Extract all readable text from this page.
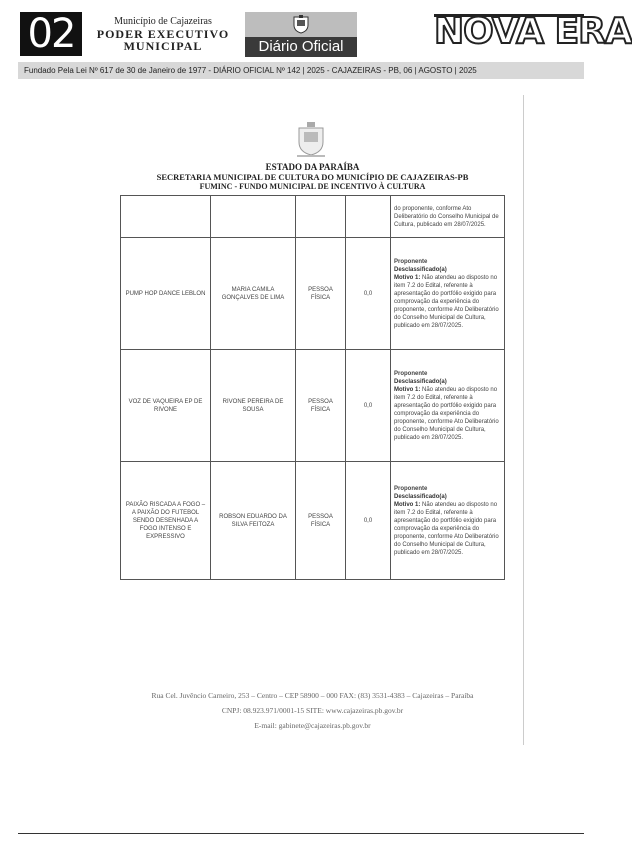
02	Município de Cajazeiras
PODER EXECUTIVO
MUNICIPAL	Diário Oficial	NOVA ERA
Fundado Pela Lei Nº 617 de 30 de Janeiro de 1977 - DIÁRIO OFICIAL Nº 142 | 2025 - CAJAZEIRAS - PB, 06 | AGOSTO | 2025
ESTADO DA PARAÍBA
SECRETARIA MUNICIPAL DE CULTURA DO MUNICÍPIO DE CAJAZEIRAS-PB
FUMINC - FUNDO MUNICIPAL DE INCENTIVO À CULTURA
				do proponente, conforme Ato Deliberatório do Conselho Municipal de Cultura, publicado em 28/07/2025.
PUMP HOP DANCE LEBLON	MARIA CAMILA GONÇALVES DE LIMA	PESSOA FÍSICA	0,0	Proponente
Desclassificado(a)
Motivo 1: Não atendeu ao disposto no item 7.2 do Edital, referente à apresentação do portfólio exigido para comprovação da experiência do proponente, conforme Ato Deliberatório do Conselho Municipal de Cultura, publicado em 28/07/2025.
VOZ DE VAQUEIRA EP DE RIVONE	RIVONE PEREIRA DE SOUSA	PESSOA FÍSICA	0,0	Proponente
Desclassificado(a)
Motivo 1: Não atendeu ao disposto no item 7.2 do Edital, referente à apresentação do portfólio exigido para comprovação da experiência do proponente, conforme Ato Deliberatório do Conselho Municipal de Cultura, publicado em 28/07/2025.
PAIXÃO RISCADA A FOGO – A PAIXÃO DO FUTEBOL SENDO DESENHADA A FOGO INTENSO E EXPRESSIVO	ROBSON EDUARDO DA SILVA FEITOZA	PESSOA FÍSICA	0,0	Proponente
Desclassificado(a)
Motivo 1: Não atendeu ao disposto no item 7.2 do Edital, referente à apresentação do portfólio exigido para comprovação da experiência do proponente, conforme Ato Deliberatório do Conselho Municipal de Cultura, publicado em 28/07/2025.
Rua Cel. Juvêncio Carneiro, 253 – Centro – CEP 58900 – 000 FAX: (83) 3531-4383 – Cajazeiras – Paraíba
CNPJ: 08.923.971/0001-15 SITE: www.cajazeiras.pb.gov.br
E-mail: gabinete@cajazeiras.pb.gov.br
